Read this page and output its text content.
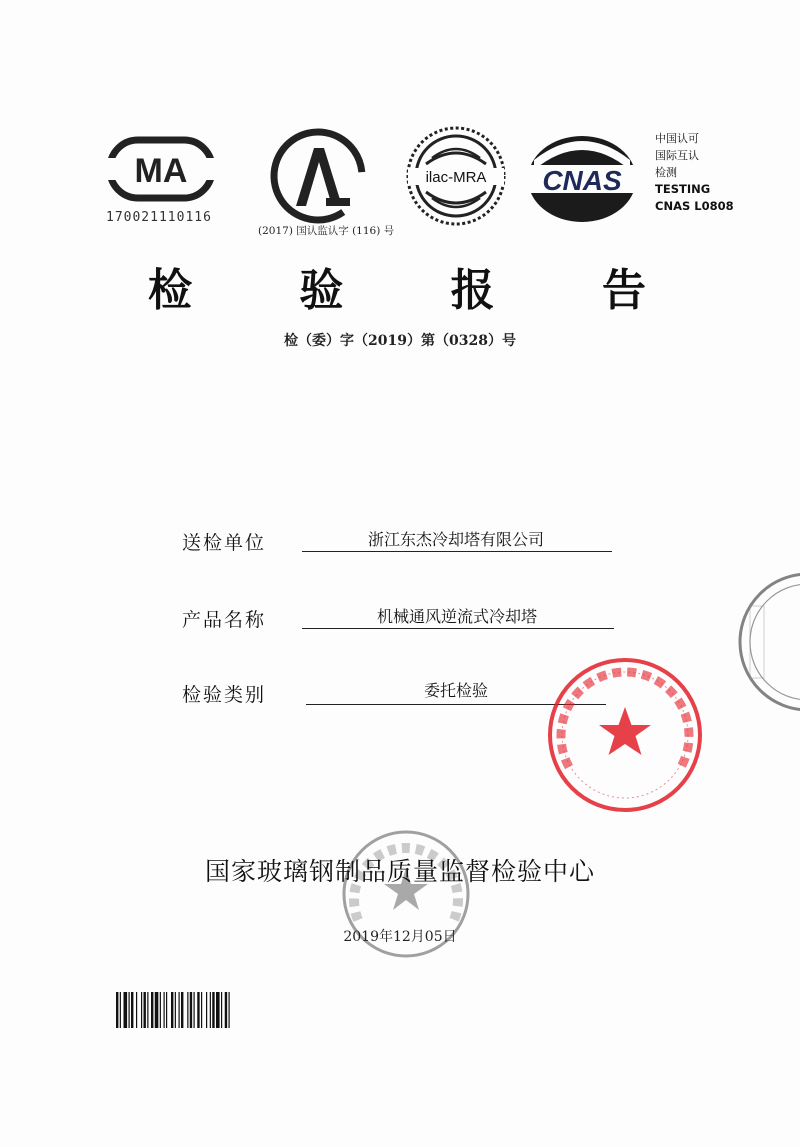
MA
170021110116
(2017) 国认监认字 (116) 号
ilac-MRA CNAS
中国认可
国际互认
检测
TESTING
CNAS L0808
检 验 报 告
检（委）字（2019）第（0328）号
送检单位	浙江东杰冷却塔有限公司
产品名称	机械通风逆流式冷却塔
检验类别	委托检验
国家玻璃钢制品质量监督检验中心
2019年12月05日
